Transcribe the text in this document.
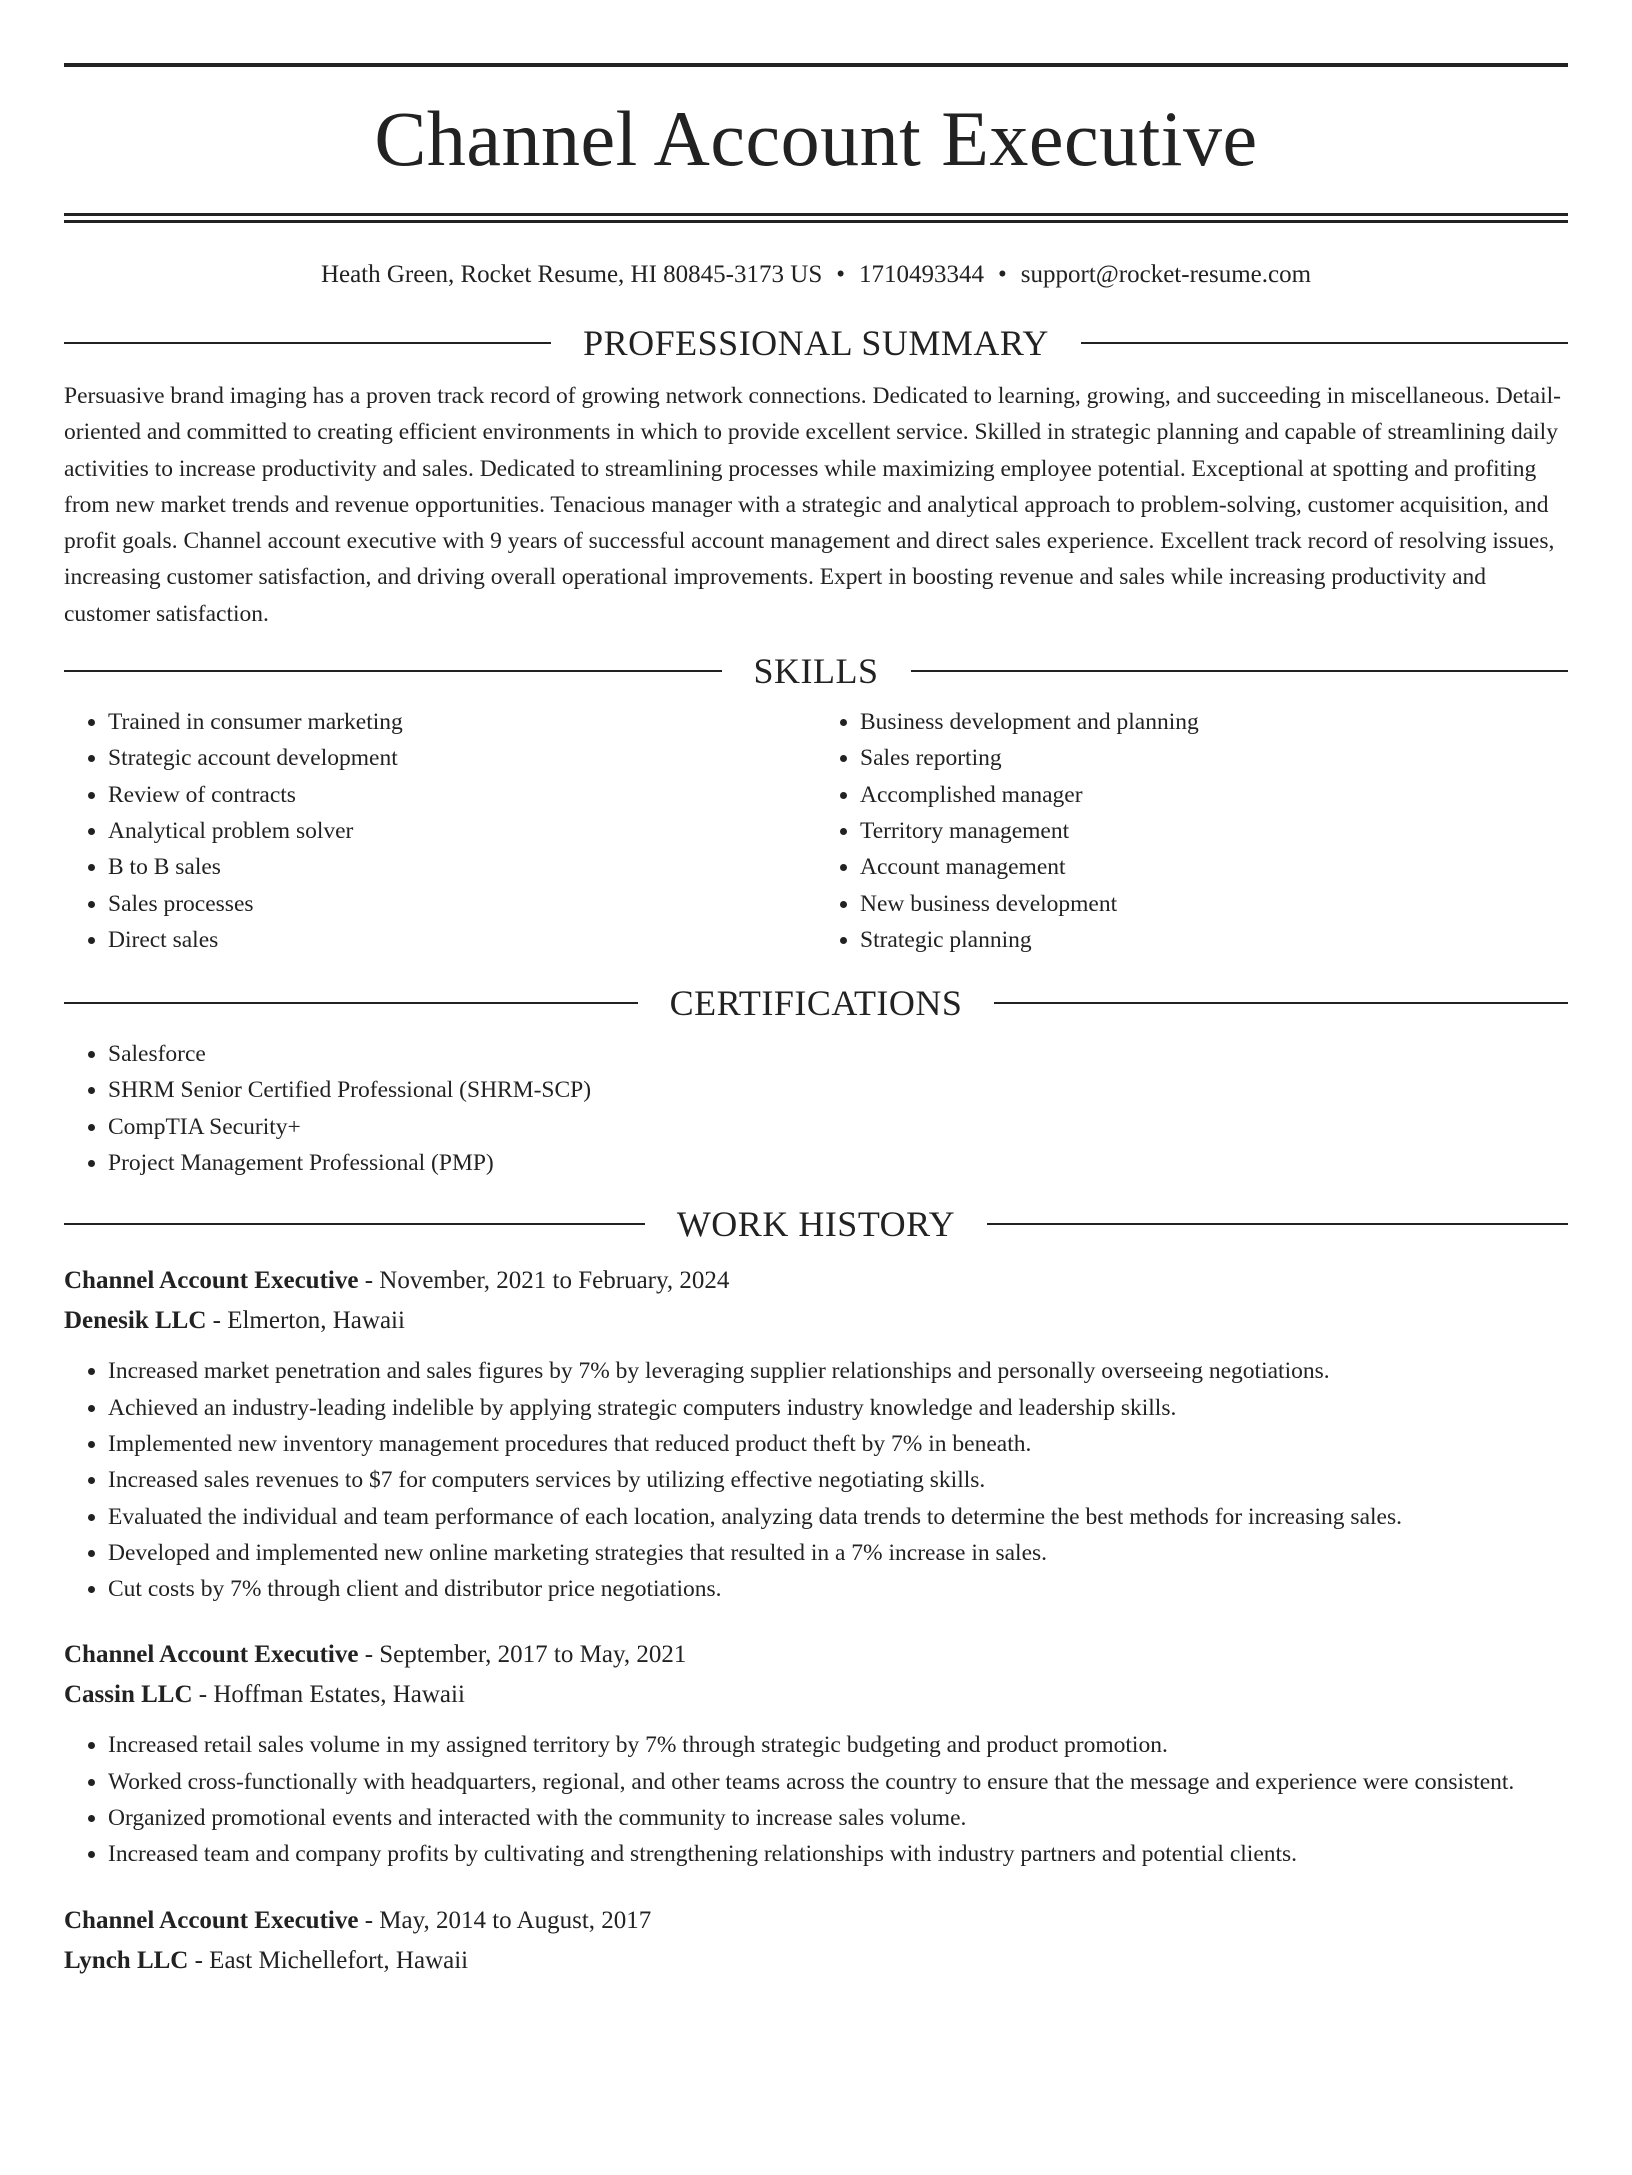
Channel Account Executive
Heath Green, Rocket Resume, HI 80845-3173 US • 1710493344 • support@rocket-resume.com
PROFESSIONAL SUMMARY

Persuasive brand imaging has a proven track record of growing network connections. Dedicated to learning, growing, and succeeding in miscellaneous. Detail-oriented and committed to creating efficient environments in which to provide excellent service. Skilled in strategic planning and capable of streamlining daily activities to increase productivity and sales. Dedicated to streamlining processes while maximizing employee potential. Exceptional at spotting and profiting from new market trends and revenue opportunities. Tenacious manager with a strategic and analytical approach to problem-solving, customer acquisition, and profit goals. Channel account executive with 9 years of successful account management and direct sales experience. Excellent track record of resolving issues, increasing customer satisfaction, and driving overall operational improvements. Expert in boosting revenue and sales while increasing productivity and customer satisfaction.

SKILLS
• Trained in consumer marketing
• Strategic account development
• Review of contracts
• Analytical problem solver
• B to B sales
• Sales processes
• Direct sales
• Business development and planning
• Sales reporting
• Accomplished manager
• Territory management
• Account management
• New business development
• Strategic planning
CERTIFICATIONS
• Salesforce
• SHRM Senior Certified Professional (SHRM-SCP)
• CompTIA Security+
• Project Management Professional (PMP)
WORK HISTORY
Channel Account Executive - November, 2021 to February, 2024
Denesik LLC - Elmerton, Hawaii
• Increased market penetration and sales figures by 7% by leveraging supplier relationships and personally overseeing negotiations.
• Achieved an industry-leading indelible by applying strategic computers industry knowledge and leadership skills.
• Implemented new inventory management procedures that reduced product theft by 7% in beneath.
• Increased sales revenues to $7 for computers services by utilizing effective negotiating skills.
• Evaluated the individual and team performance of each location, analyzing data trends to determine the best methods for increasing sales.
• Developed and implemented new online marketing strategies that resulted in a 7% increase in sales.
• Cut costs by 7% through client and distributor price negotiations.
Channel Account Executive - September, 2017 to May, 2021
Cassin LLC - Hoffman Estates, Hawaii
• Increased retail sales volume in my assigned territory by 7% through strategic budgeting and product promotion.
• Worked cross-functionally with headquarters, regional, and other teams across the country to ensure that the message and experience were consistent.
• Organized promotional events and interacted with the community to increase sales volume.
• Increased team and company profits by cultivating and strengthening relationships with industry partners and potential clients.
Channel Account Executive - May, 2014 to August, 2017
Lynch LLC - East Michellefort, Hawaii
